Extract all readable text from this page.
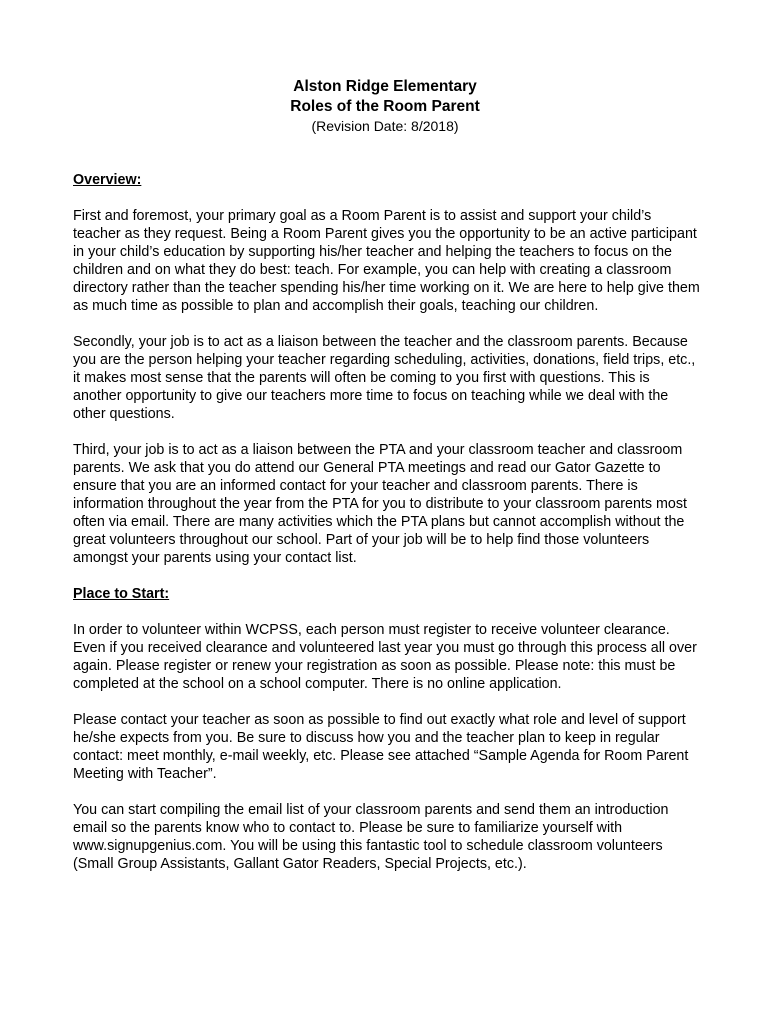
Alston Ridge Elementary

Roles of the Room Parent

(Revision Date: 8/2018)

Overview:

First and foremost, your primary goal as a Room Parent is to assist and support your child’s teacher as they request. Being a Room Parent gives you the opportunity to be an active participant in your child’s education by supporting his/her teacher and helping the teachers to focus on the children and on what they do best: teach. For example, you can help with creating a classroom directory rather than the teacher spending his/her time working on it. We are here to help give them as much time as possible to plan and accomplish their goals, teaching our children.

Secondly, your job is to act as a liaison between the teacher and the classroom parents. Because you are the person helping your teacher regarding scheduling, activities, donations, field trips, etc., it makes most sense that the parents will often be coming to you first with questions. This is another opportunity to give our teachers more time to focus on teaching while we deal with the other questions.

Third, your job is to act as a liaison between the PTA and your classroom teacher and classroom parents. We ask that you do attend our General PTA meetings and read our Gator Gazette to ensure that you are an informed contact for your teacher and classroom parents. There is information throughout the year from the PTA for you to distribute to your classroom parents most often via email. There are many activities which the PTA plans but cannot accomplish without the great volunteers throughout our school. Part of your job will be to help find those volunteers amongst your parents using your contact list.

Place to Start:

In order to volunteer within WCPSS, each person must register to receive volunteer clearance. Even if you received clearance and volunteered last year you must go through this process all over again. Please register or renew your registration as soon as possible. Please note: this must be completed at the school on a school computer. There is no online application.

Please contact your teacher as soon as possible to find out exactly what role and level of support he/she expects from you. Be sure to discuss how you and the teacher plan to keep in regular contact: meet monthly, e-mail weekly, etc. Please see attached “Sample Agenda for Room Parent Meeting with Teacher”.

You can start compiling the email list of your classroom parents and send them an introduction email so the parents know who to contact to. Please be sure to familiarize yourself with www.signupgenius.com. You will be using this fantastic tool to schedule classroom volunteers (Small Group Assistants, Gallant Gator Readers, Special Projects, etc.).
